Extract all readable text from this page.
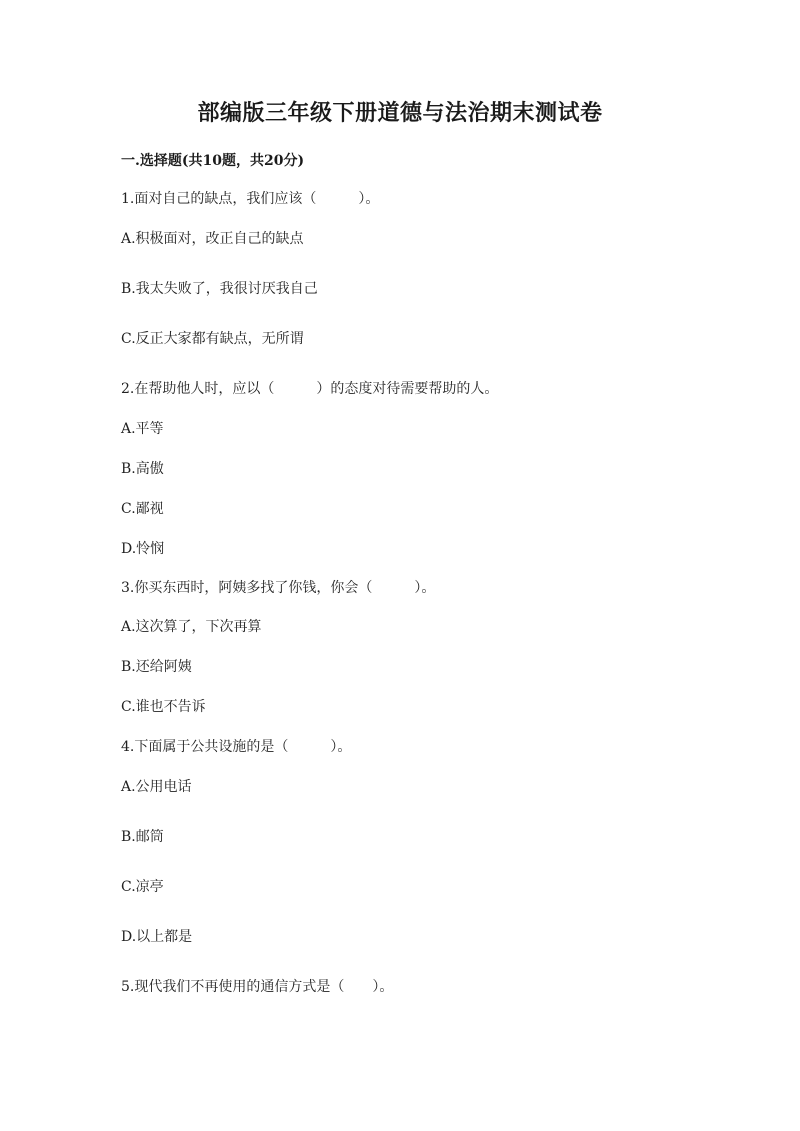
部编版三年级下册道德与法治期末测试卷
一.选择题(共10题，共20分)
1.面对自己的缺点，我们应该（　　　）。
A.积极面对，改正自己的缺点
B.我太失败了，我很讨厌我自己
C.反正大家都有缺点，无所谓
2.在帮助他人时，应以（　　　）的态度对待需要帮助的人。
A.平等
B.高傲
C.鄙视
D.怜悯
3.你买东西时，阿姨多找了你钱，你会（　　　）。
A.这次算了，下次再算
B.还给阿姨
C.谁也不告诉
4.下面属于公共设施的是（　　　）。
A.公用电话
B.邮筒
C.凉亭
D.以上都是
5.现代我们不再使用的通信方式是（　　）。
